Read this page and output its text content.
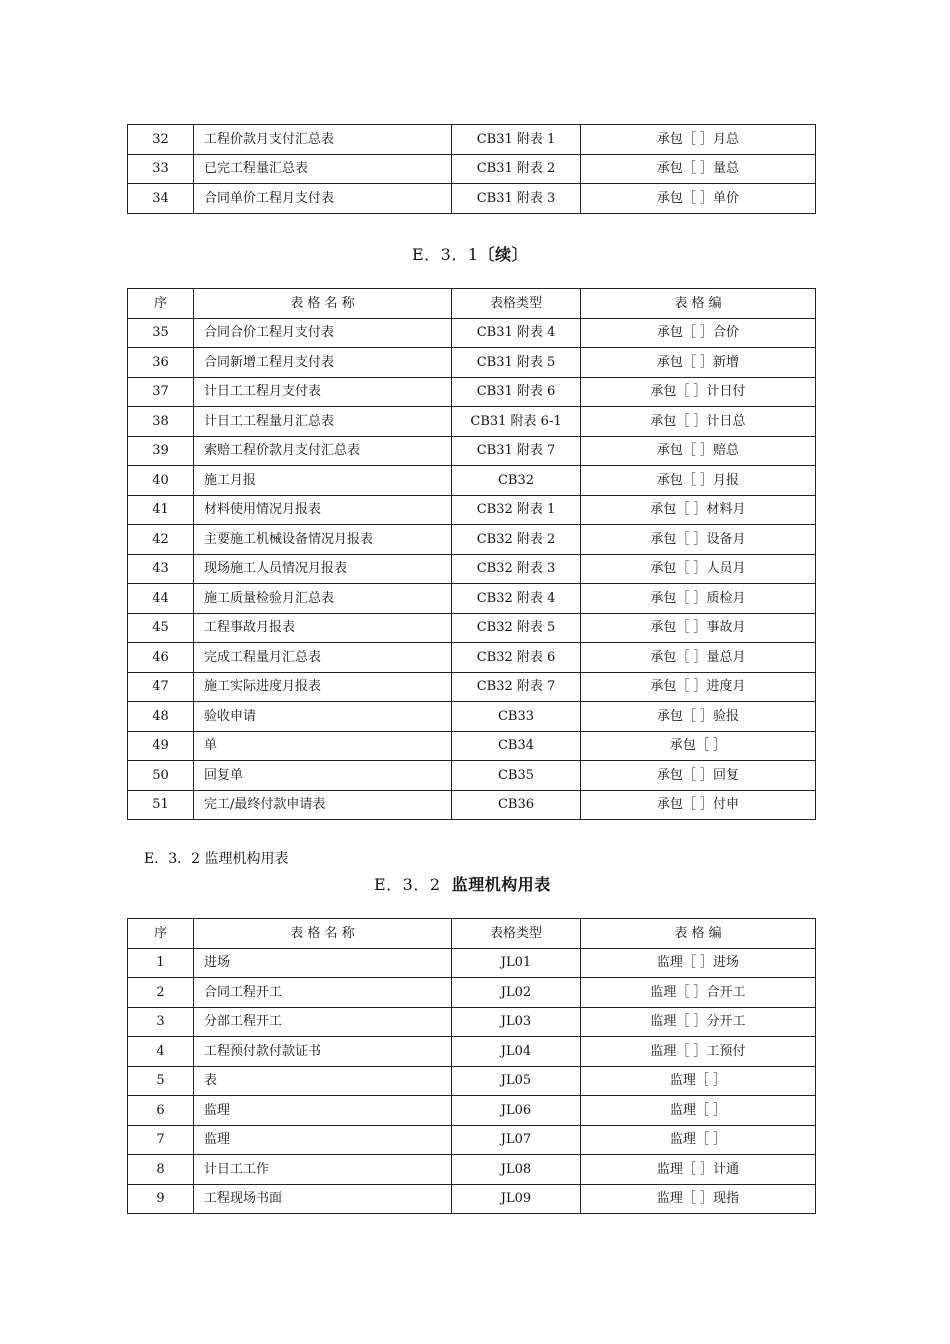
32	工程价款月支付汇总表	CB31 附表 1	承包［ ］月总
33	已完工程量汇总表	CB31 附表 2	承包［ ］量总
34	合同单价工程月支付表	CB31 附表 3	承包［ ］单价
E．3．1〔续〕
序	表 格 名 称	表格类型	表 格 编
35	合同合价工程月支付表	CB31 附表 4	承包［ ］合价
36	合同新增工程月支付表	CB31 附表 5	承包［ ］新增
37	计日工工程月支付表	CB31 附表 6	承包［ ］计日付
38	计日工工程量月汇总表	CB31 附表 6-1	承包［ ］计日总
39	索赔工程价款月支付汇总表	CB31 附表 7	承包［ ］赔总
40	施工月报	CB32	承包［ ］月报
41	材料使用情况月报表	CB32 附表 1	承包［ ］材料月
42	主要施工机械设备情况月报表	CB32 附表 2	承包［ ］设备月
43	现场施工人员情况月报表	CB32 附表 3	承包［ ］人员月
44	施工质量检验月汇总表	CB32 附表 4	承包［ ］质检月
45	工程事故月报表	CB32 附表 5	承包［ ］事故月
46	完成工程量月汇总表	CB32 附表 6	承包［ ］量总月
47	施工实际进度月报表	CB32 附表 7	承包［ ］进度月
48	验收申请	CB33	承包［ ］验报
49	单	CB34	承包［ ］
50	回复单	CB35	承包［ ］回复
51	完工/最终付款申请表	CB36	承包［ ］付申
E．3．2 监理机构用表
E．3．2 监理机构用表
序	表 格 名 称	表格类型	表 格 编
1	进场	JL01	监理［ ］进场
2	合同工程开工	JL02	监理［ ］合开工
3	分部工程开工	JL03	监理［ ］分开工
4	工程预付款付款证书	JL04	监理［ ］工预付
5	表	JL05	监理［ ］
6	监理	JL06	监理［ ］
7	监理	JL07	监理［ ］
8	计日工工作	JL08	监理［ ］计通
9	工程现场书面	JL09	监理［ ］现指
